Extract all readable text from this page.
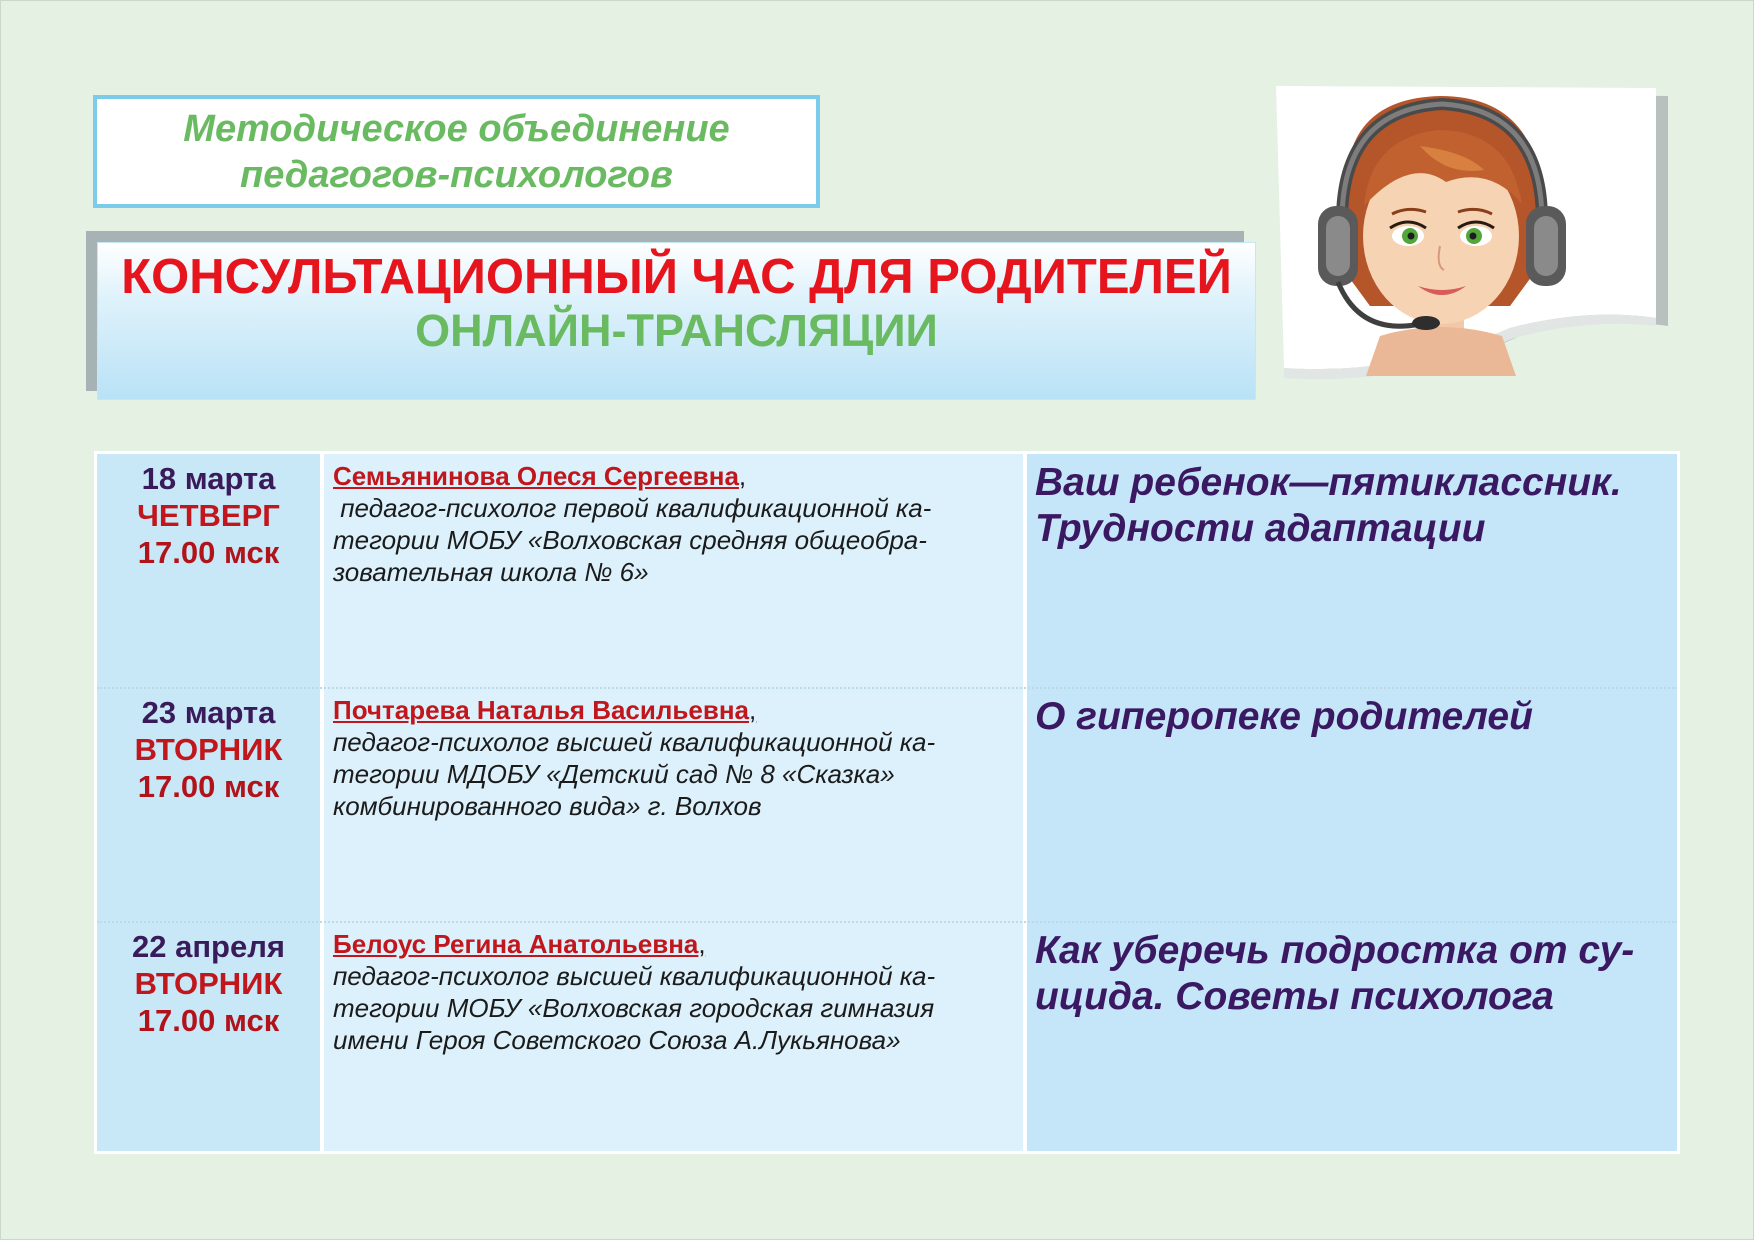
Методическое объединение
педагогов-психологов
КОНСУЛЬТАЦИОННЫЙ ЧАС ДЛЯ РОДИТЕЛЕЙ
ОНЛАЙН-ТРАНСЛЯЦИИ
18 марта
ЧЕТВЕРГ
17.00 мск
Семьянинова Олеся Сергеевна,
педагог-психолог первой квалификационной ка-
тегории МОБУ «Волховская средняя общеобра-
зовательная школа № 6»
Ваш ребенок—пятиклассник.
Трудности адаптации
23 марта
ВТОРНИК
17.00 мск
Почтарева Наталья Васильевна,
педагог-психолог высшей квалификационной ка-
тегории МДОБУ «Детский сад № 8 «Сказка»
комбинированного вида» г. Волхов
О гиперопеке родителей
22 апреля
ВТОРНИК
17.00 мск
Белоус Регина Анатольевна,
педагог-психолог высшей квалификационной ка-
тегории МОБУ «Волховская городская гимназия
имени Героя Советского Союза А.Лукьянова»
Как уберечь подростка от су-
ицида. Советы психолога
